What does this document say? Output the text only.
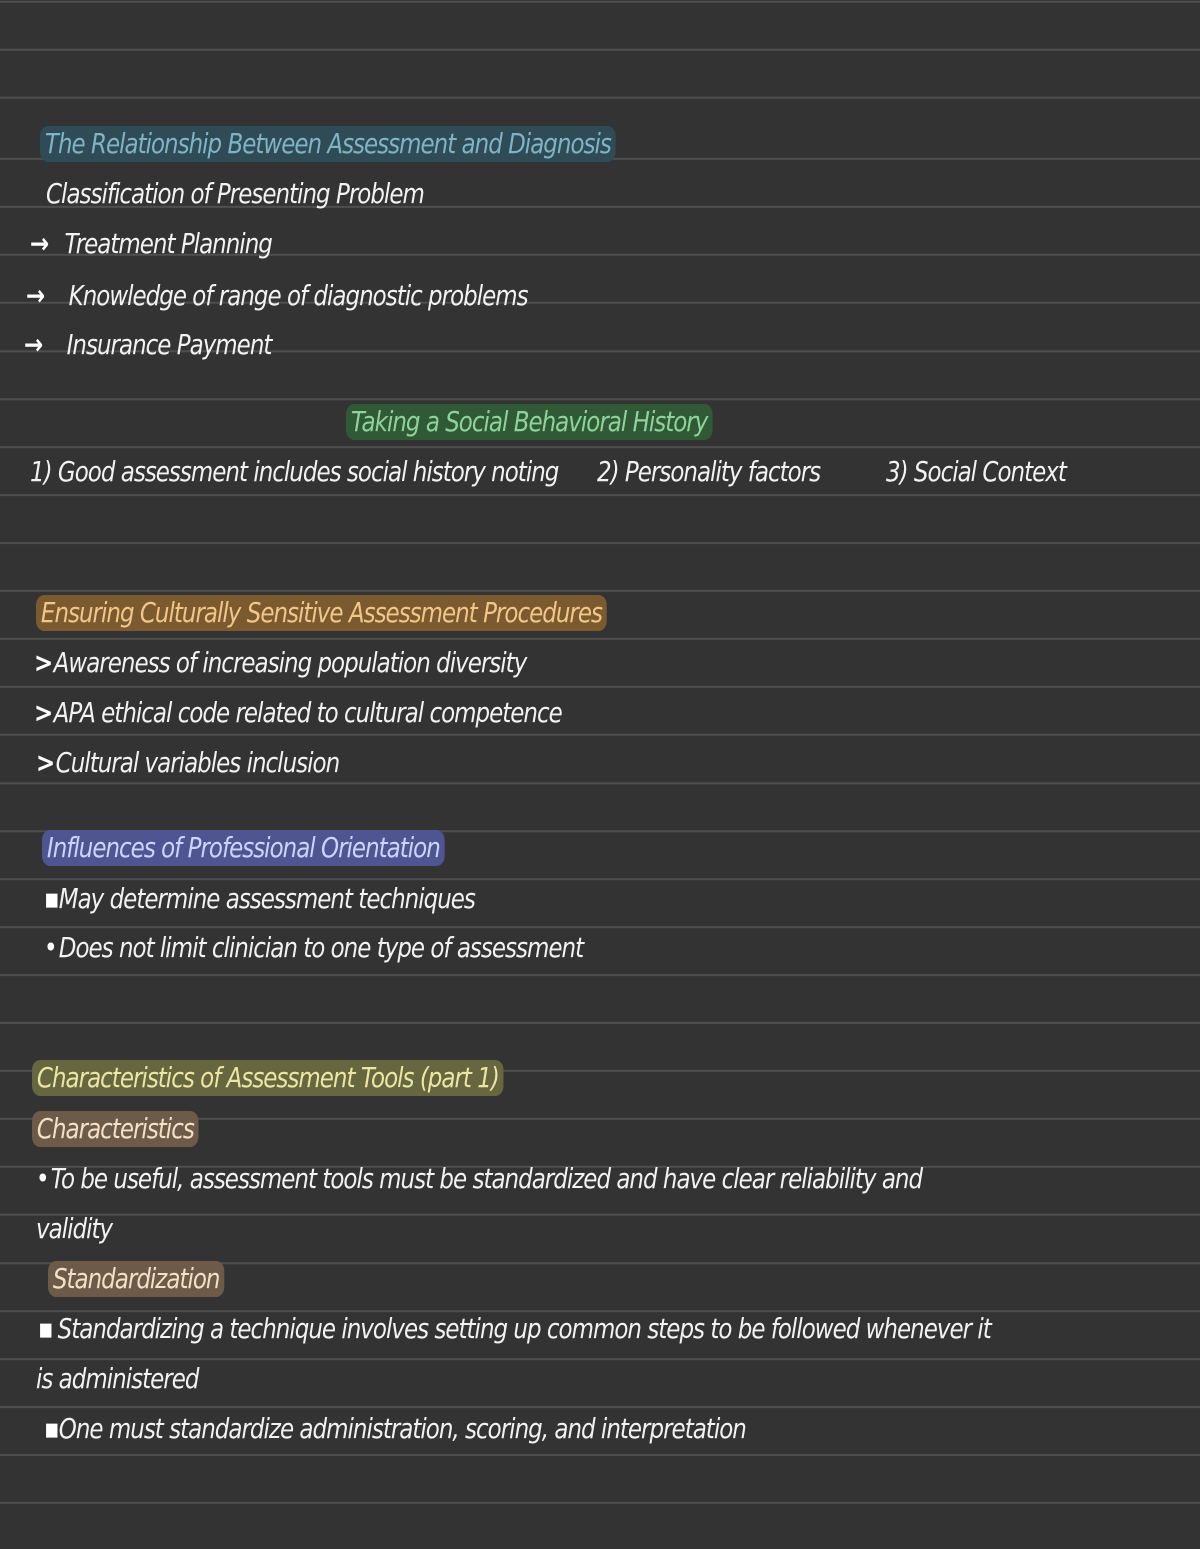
The Relationship Between Assessment and Diagnosis
Classification of Presenting Problem
→ Treatment Planning
→ Knowledge of range of diagnostic problems
→ Insurance Payment
Taking a Social Behavioral History
1) Good assessment includes social history noting 2) Personality factors 3) Social Context
Ensuring Culturally Sensitive Assessment Procedures
>Awareness of increasing population diversity
>APA ethical code related to cultural competence
>Cultural variables inclusion
Influences of Professional Orientation
▪May determine assessment techniques
•Does not limit clinician to one type of assessment
Characteristics of Assessment Tools (part 1)
Characteristics
•To be useful, assessment tools must be standardized and have clear reliability and
validity
Standardization
▪ Standardizing a technique involves setting up common steps to be followed whenever it
is administered
▪One must standardize administration, scoring, and interpretation
